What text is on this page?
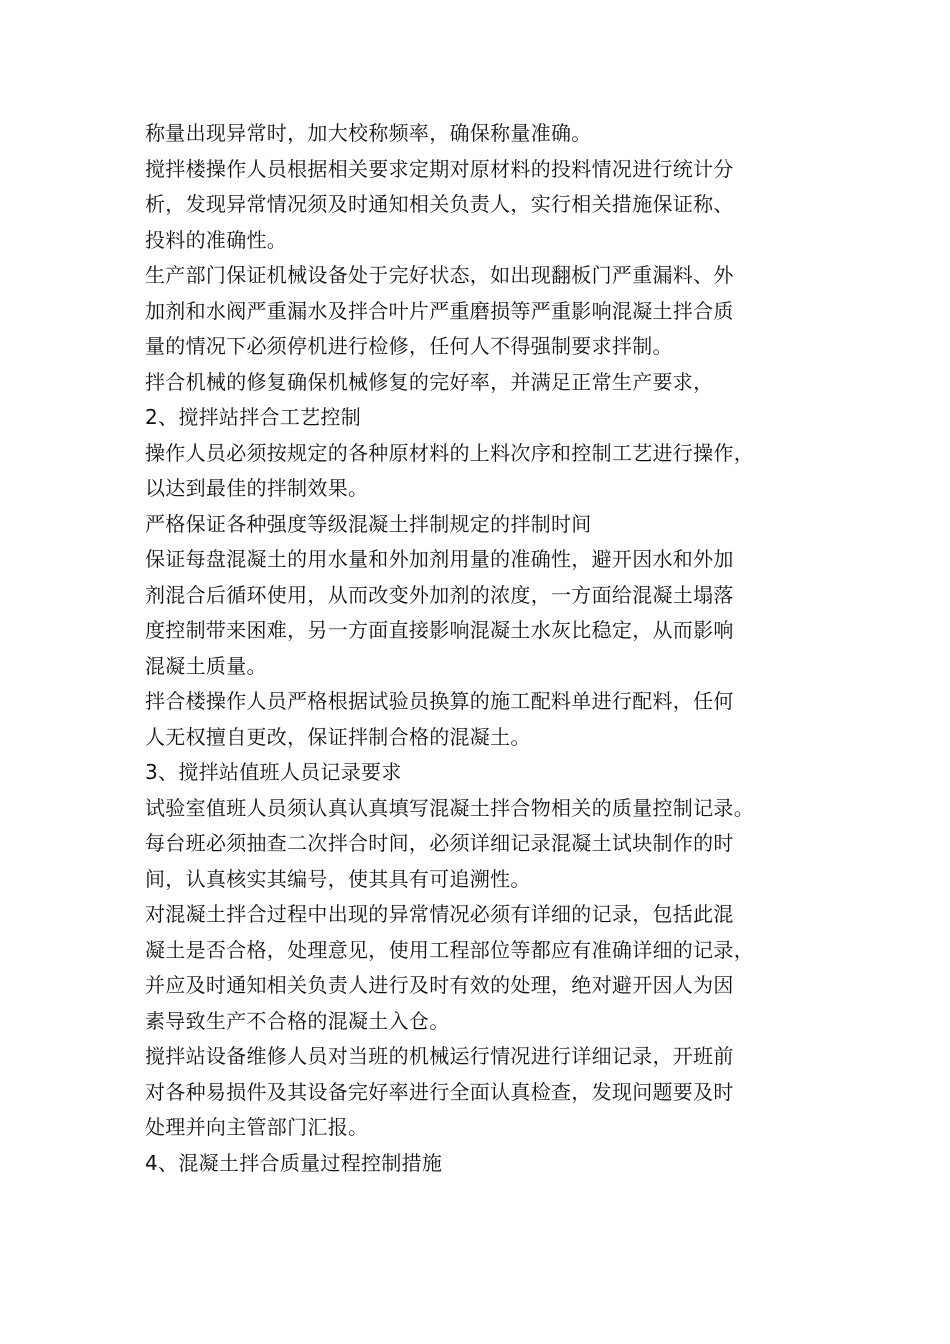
称量出现异常时，加大校称频率，确保称量准确。
搅拌楼操作人员根据相关要求定期对原材料的投料情况进行统计分
析，发现异常情况须及时通知相关负责人，实行相关措施保证称、
投料的准确性。
生产部门保证机械设备处于完好状态，如出现翻板门严重漏料、外
加剂和水阀严重漏水及拌合叶片严重磨损等严重影响混凝土拌合质
量的情况下必须停机进行检修，任何人不得强制要求拌制。
拌合机械的修复确保机械修复的完好率，并满足正常生产要求，
2、搅拌站拌合工艺控制
操作人员必须按规定的各种原材料的上料次序和控制工艺进行操作，
以达到最佳的拌制效果。
严格保证各种强度等级混凝土拌制规定的拌制时间
保证每盘混凝土的用水量和外加剂用量的准确性，避开因水和外加
剂混合后循环使用，从而改变外加剂的浓度，一方面给混凝土塌落
度控制带来困难，另一方面直接影响混凝土水灰比稳定，从而影响
混凝土质量。
拌合楼操作人员严格根据试验员换算的施工配料单进行配料，任何
人无权擅自更改，保证拌制合格的混凝土。
3、搅拌站值班人员记录要求
试验室值班人员须认真认真填写混凝土拌合物相关的质量控制记录。
每台班必须抽查二次拌合时间，必须详细记录混凝土试块制作的时
间，认真核实其编号，使其具有可追溯性。
对混凝土拌合过程中出现的异常情况必须有详细的记录，包括此混
凝土是否合格，处理意见，使用工程部位等都应有准确详细的记录，
并应及时通知相关负责人进行及时有效的处理，绝对避开因人为因
素导致生产不合格的混凝土入仓。
搅拌站设备维修人员对当班的机械运行情况进行详细记录，开班前
对各种易损件及其设备完好率进行全面认真检查，发现问题要及时
处理并向主管部门汇报。
4、混凝土拌合质量过程控制措施
